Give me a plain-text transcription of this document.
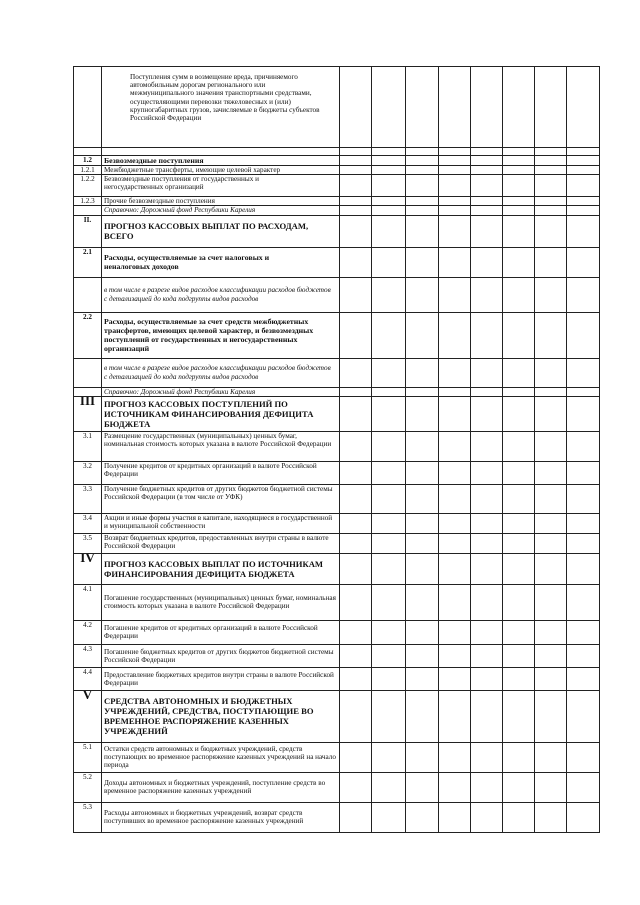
	Поступления сумм в возмещение вреда, причиняемого автомобильным дорогам регионального или межмуниципального значения транспортными средствами, осуществляющими перевозки тяжеловесных и (или) крупногабаритных грузов, зачисляемые в бюджеты субъектов Российской Федерации								

1.2	Безвозмездные поступления								
1.2.1	Межбюджетные трансферты, имеющие целевой характер								
1.2.2	Безвозмездные поступления от государственных и негосударственных организаций								
1.2.3	Прочие безвозмездные поступления								
	Справочно: Дорожный фонд Республики Карелия								
II.	ПРОГНОЗ КАССОВЫХ ВЫПЛАТ ПО РАСХОДАМ, ВСЕГО								
2.1	Расходы, осуществляемые за счет налоговых и неналоговых доходов								
	в том числе в разрезе видов расходов классификации расходов бюджетов с детализацией до кода подгруппы видов расходов								
2.2	Расходы, осуществляемые за счет средств межбюджетных трансфертов, имеющих целевой характер, и безвозмездных поступлений от государственных и негосударственных организаций								
	в том числе в разрезе видов расходов классификации расходов бюджетов с детализацией до кода подгруппы видов расходов								
	Справочно: Дорожный фонд Республики Карелия								
III	ПРОГНОЗ КАССОВЫХ ПОСТУПЛЕНИЙ ПО ИСТОЧНИКАМ ФИНАНСИРОВАНИЯ ДЕФИЦИТА БЮДЖЕТА								
3.1	Размещение государственных (муниципальных) ценных бумаг, номинальная стоимость которых указана в валюте Российской Федерации								
3.2	Получение кредитов от кредитных организаций в валюте Российской Федерации								
3.3	Получение бюджетных кредитов от других бюджетов бюджетной системы Российской Федерации (в том числе от УФК)								
3.4	Акции и иные формы участия в капитале, находящиеся в государственной и муниципальной собственности								
3.5	Возврат бюджетных кредитов, предоставленных внутри страны в валюте Российской Федерации								
IV	ПРОГНОЗ КАССОВЫХ ВЫПЛАТ ПО ИСТОЧНИКАМ ФИНАНСИРОВАНИЯ ДЕФИЦИТА БЮДЖЕТА								
4.1	Погашение государственных (муниципальных) ценных бумаг, номинальная стоимость которых указана в валюте Российской Федерации								
4.2	Погашение кредитов от кредитных организаций в валюте Российской Федерации								
4.3	Погашение бюджетных кредитов от других бюджетов бюджетной системы Российской Федерации								
4.4	Предоставление бюджетных кредитов внутри страны в валюте Российской Федерации								
V	СРЕДСТВА АВТОНОМНЫХ И БЮДЖЕТНЫХ УЧРЕЖДЕНИЙ, СРЕДСТВА, ПОСТУПАЮЩИЕ ВО ВРЕМЕННОЕ РАСПОРЯЖЕНИЕ КАЗЕННЫХ УЧРЕЖДЕНИЙ								
5.1	Остатки средств автономных и бюджетных учреждений, средств поступающих во временное распоряжение казенных учреждений на начало периода								
5.2	Доходы автономных и бюджетных учреждений, поступление средств во временное распоряжение казенных учреждений								
5.3	Расходы автономных и бюджетных учреждений, возврат средств поступивших во временное распоряжение казенных учреждений								
